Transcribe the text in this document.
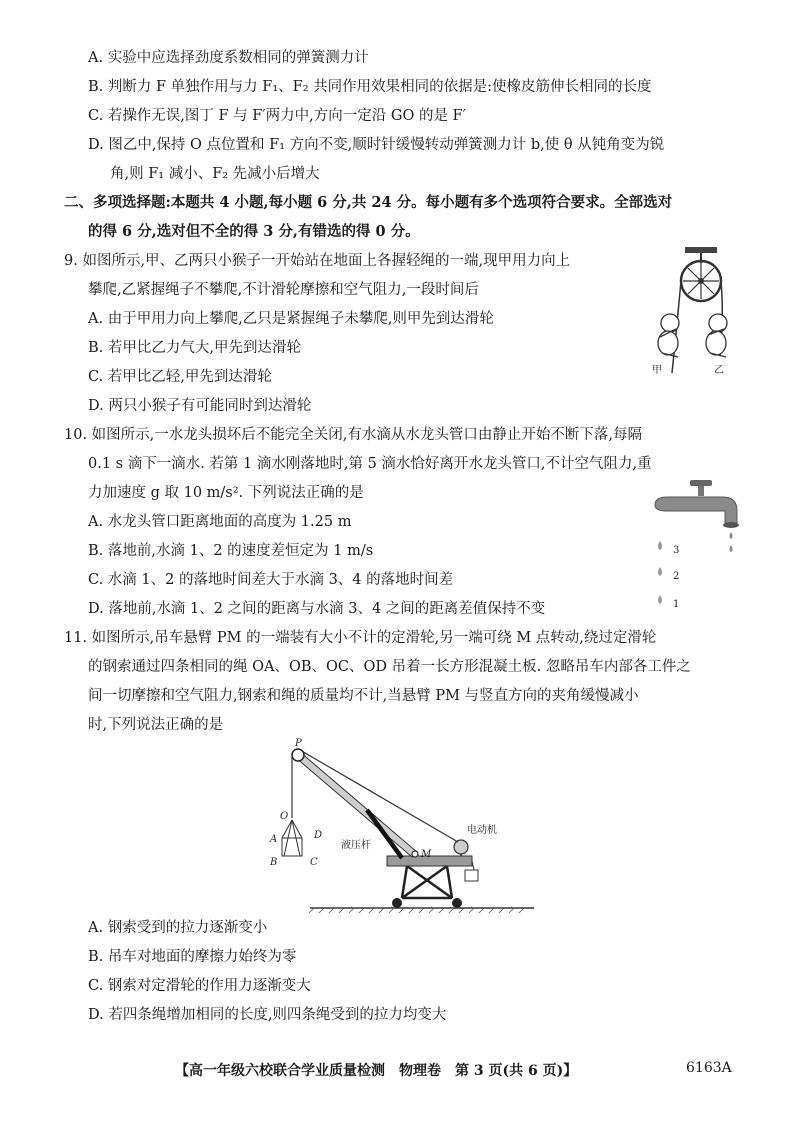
A. 实验中应选择劲度系数相同的弹簧测力计
B. 判断力 F 单独作用与力 F₁、F₂ 共同作用效果相同的依据是:使橡皮筋伸长相同的长度
C. 若操作无误,图丁 F 与 F′两力中,方向一定沿 GO 的是 F′
D. 图乙中,保持 O 点位置和 F₁ 方向不变,顺时针缓慢转动弹簧测力计 b,使 θ 从钝角变为锐
角,则 F₁ 减小、F₂ 先减小后增大
二、多项选择题:本题共 4 小题,每小题 6 分,共 24 分。每小题有多个选项符合要求。全部选对
的得 6 分,选对但不全的得 3 分,有错选的得 0 分。
9. 如图所示,甲、乙两只小猴子一开始站在地面上各握轻绳的一端,现甲用力向上
攀爬,乙紧握绳子不攀爬,不计滑轮摩擦和空气阻力,一段时间后
A. 由于甲用力向上攀爬,乙只是紧握绳子未攀爬,则甲先到达滑轮
B. 若甲比乙力气大,甲先到达滑轮
C. 若甲比乙轻,甲先到达滑轮
D. 两只小猴子有可能同时到达滑轮
甲	乙
10. 如图所示,一水龙头损坏后不能完全关闭,有水滴从水龙头管口由静止开始不断下落,每隔
0.1 s 滴下一滴水. 若第 1 滴水刚落地时,第 5 滴水恰好离开水龙头管口,不计空气阻力,重
力加速度 g 取 10 m/s². 下列说法正确的是
A. 水龙头管口距离地面的高度为 1.25 m
B. 落地前,水滴 1、2 的速度差恒定为 1 m/s
C. 水滴 1、2 的落地时间差大于水滴 3、4 的落地时间差
D. 落地前,水滴 1、2 之间的距离与水滴 3、4 之间的距离差值保持不变
3
2
1
11. 如图所示,吊车悬臂 PM 的一端装有大小不计的定滑轮,另一端可绕 M 点转动,绕过定滑轮
的钢索通过四条相同的绳 OA、OB、OC、OD 吊着一长方形混凝土板. 忽略吊车内部各工件之
间一切摩擦和空气阻力,钢索和绳的质量均不计,当悬臂 PM 与竖直方向的夹角缓慢减小
时,下列说法正确的是
电动机
液压杆
M
P
O
A
B	C
D
A. 钢索受到的拉力逐渐变小
B. 吊车对地面的摩擦力始终为零
C. 钢索对定滑轮的作用力逐渐变大
D. 若四条绳增加相同的长度,则四条绳受到的拉力均变大
【高一年级六校联合学业质量检测　物理卷　第 3 页(共 6 页)】	6163A
